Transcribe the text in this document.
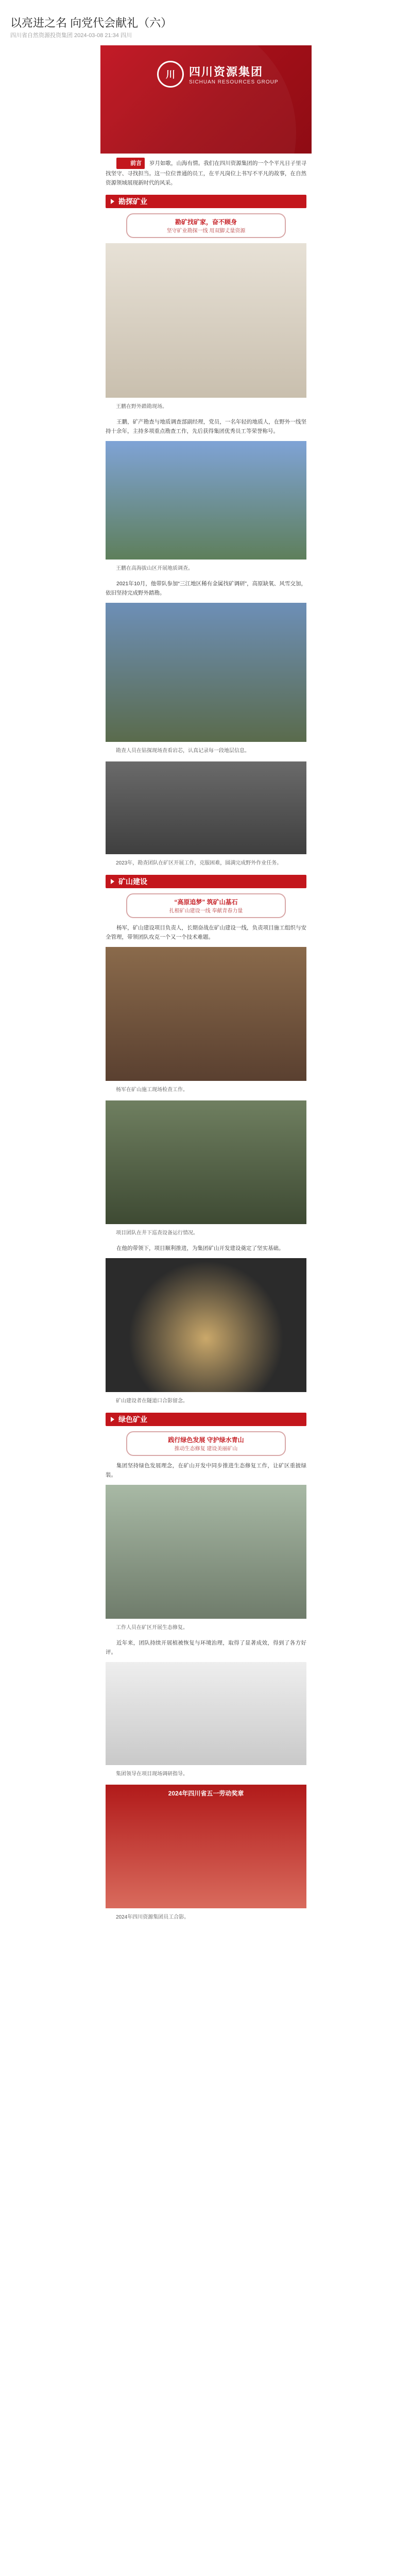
以亮进之名 向党代会献礼（六）
四川省自然资源投资集团 2024-03-08 21:34 四川
川	四川资源集团
SICHUAN RESOURCES GROUP

前言 岁月如歌，山海有情。我们在四川资源集团的一个个平凡日子里寻找坚守、寻找担当。这一位位普通的员工，在平凡岗位上书写不平凡的故事，在自然资源领域展现新时代的风采。

勘探矿业
勘矿找矿家，奋不顾身
坚守矿业勘探一线 用双脚丈量资源
王鹏在野外踏勘现场。

王鹏，矿产勘查与地质调查部副经理，党员，一名年轻的地质人，在野外一线坚持十余年，主持多项重点勘查工作，先后获得集团优秀员工等荣誉称号。

王鹏在高海拔山区开展地质调查。

2021年10月，他带队参加“三江地区稀有金属找矿调研”，高原缺氧、风雪交加，依旧坚持完成野外踏勘。

勘查人员在钻探现场查看岩芯，认真记录每一段地层信息。
2023年，勘查团队在矿区开展工作，克服困难，圆满完成野外作业任务。
矿山建设
“高原追梦” 筑矿山基石
扎根矿山建设一线 奉献青春力量

杨军，矿山建设项目负责人，长期奋战在矿山建设一线，负责项目施工组织与安全管理，带领团队攻克一个又一个技术难题。

杨军在矿山施工现场检查工作。
项目团队在井下巡查设备运行情况。

在他的带领下，项目顺利推进，为集团矿山开发建设奠定了坚实基础。

矿山建设者在隧道口合影留念。
绿色矿业
践行绿色发展 守护绿水青山
推动生态修复 建设美丽矿山

集团坚持绿色发展理念，在矿山开发中同步推进生态修复工作，让矿区重披绿装。

工作人员在矿区开展生态修复。

近年来，团队持续开展植被恢复与环境治理，取得了显著成效，得到了各方好评。

集团领导在项目现场调研指导。
2024年四川省五一劳动奖章
2024年四川资源集团员工合影。
